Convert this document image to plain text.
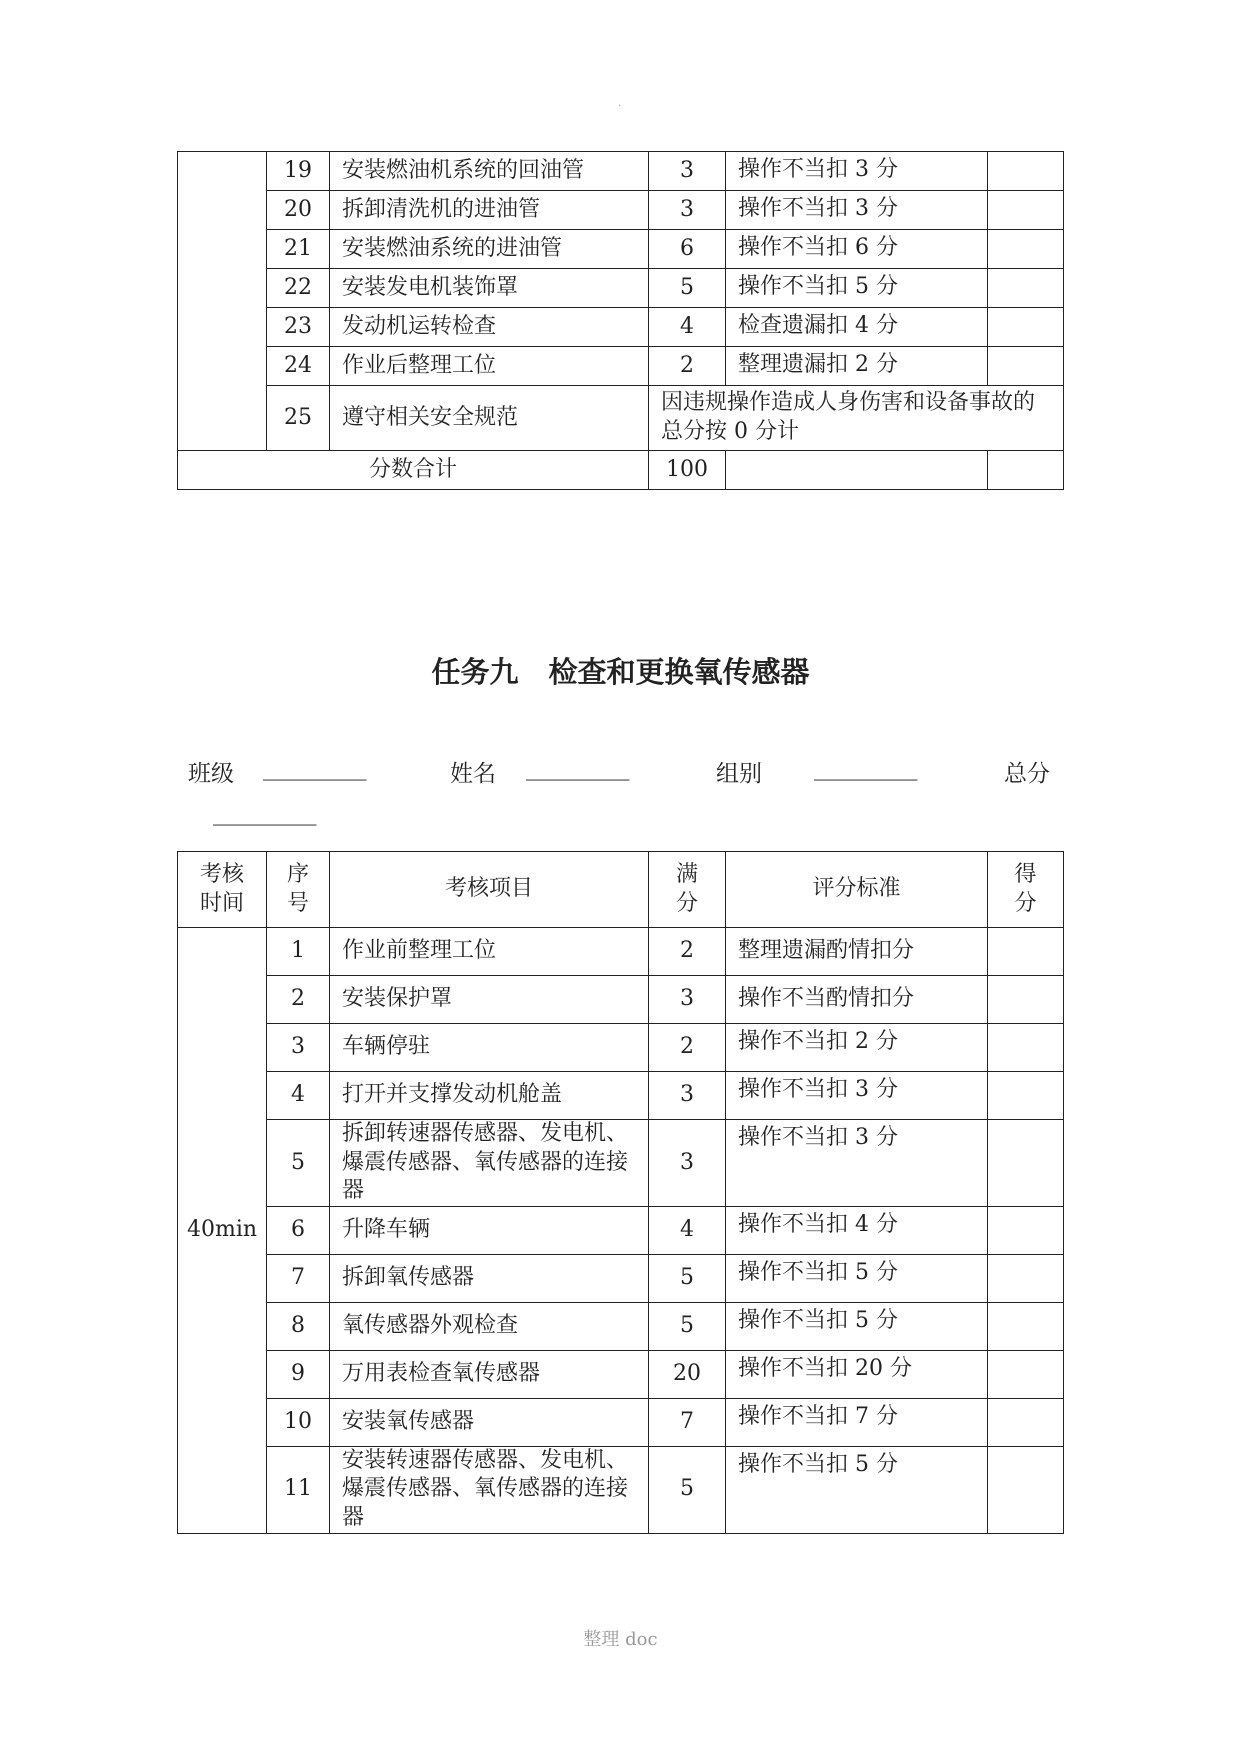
.
	19	安装燃油机系统的回油管	3	操作不当扣 3 分	
	20	拆卸清洗机的进油管	3	操作不当扣 3 分	
	21	安装燃油系统的进油管	6	操作不当扣 6 分	
	22	安装发电机装饰罩	5	操作不当扣 5 分	
	23	发动机运转检查	4	检查遗漏扣 4 分	
	24	作业后整理工位	2	整理遗漏扣 2 分	
	25	遵守相关安全规范	因违规操作造成人身伤害和设备事故的总分按 0 分计		
分数合计			100		
任务九 检查和更换氧传感器
班级 _________	姓名 _________	组别 _________	总分
_________
考核时间	序号	考核项目	满分	评分标准	得分
40min	1	作业前整理工位	2	整理遗漏酌情扣分	
	2	安装保护罩	3	操作不当酌情扣分	
	3	车辆停驻	2	操作不当扣 2 分	
	4	打开并支撑发动机舱盖	3	操作不当扣 3 分	
	5	拆卸转速器传感器、发电机、爆震传感器、氧传感器的连接器	3	操作不当扣 3 分	
	6	升降车辆	4	操作不当扣 4 分	
	7	拆卸氧传感器	5	操作不当扣 5 分	
	8	氧传感器外观检查	5	操作不当扣 5 分	
	9	万用表检查氧传感器	20	操作不当扣 20 分	
	10	安装氧传感器	7	操作不当扣 7 分	
	11	安装转速器传感器、发电机、爆震传感器、氧传感器的连接器	5	操作不当扣 5 分	
整理 doc
